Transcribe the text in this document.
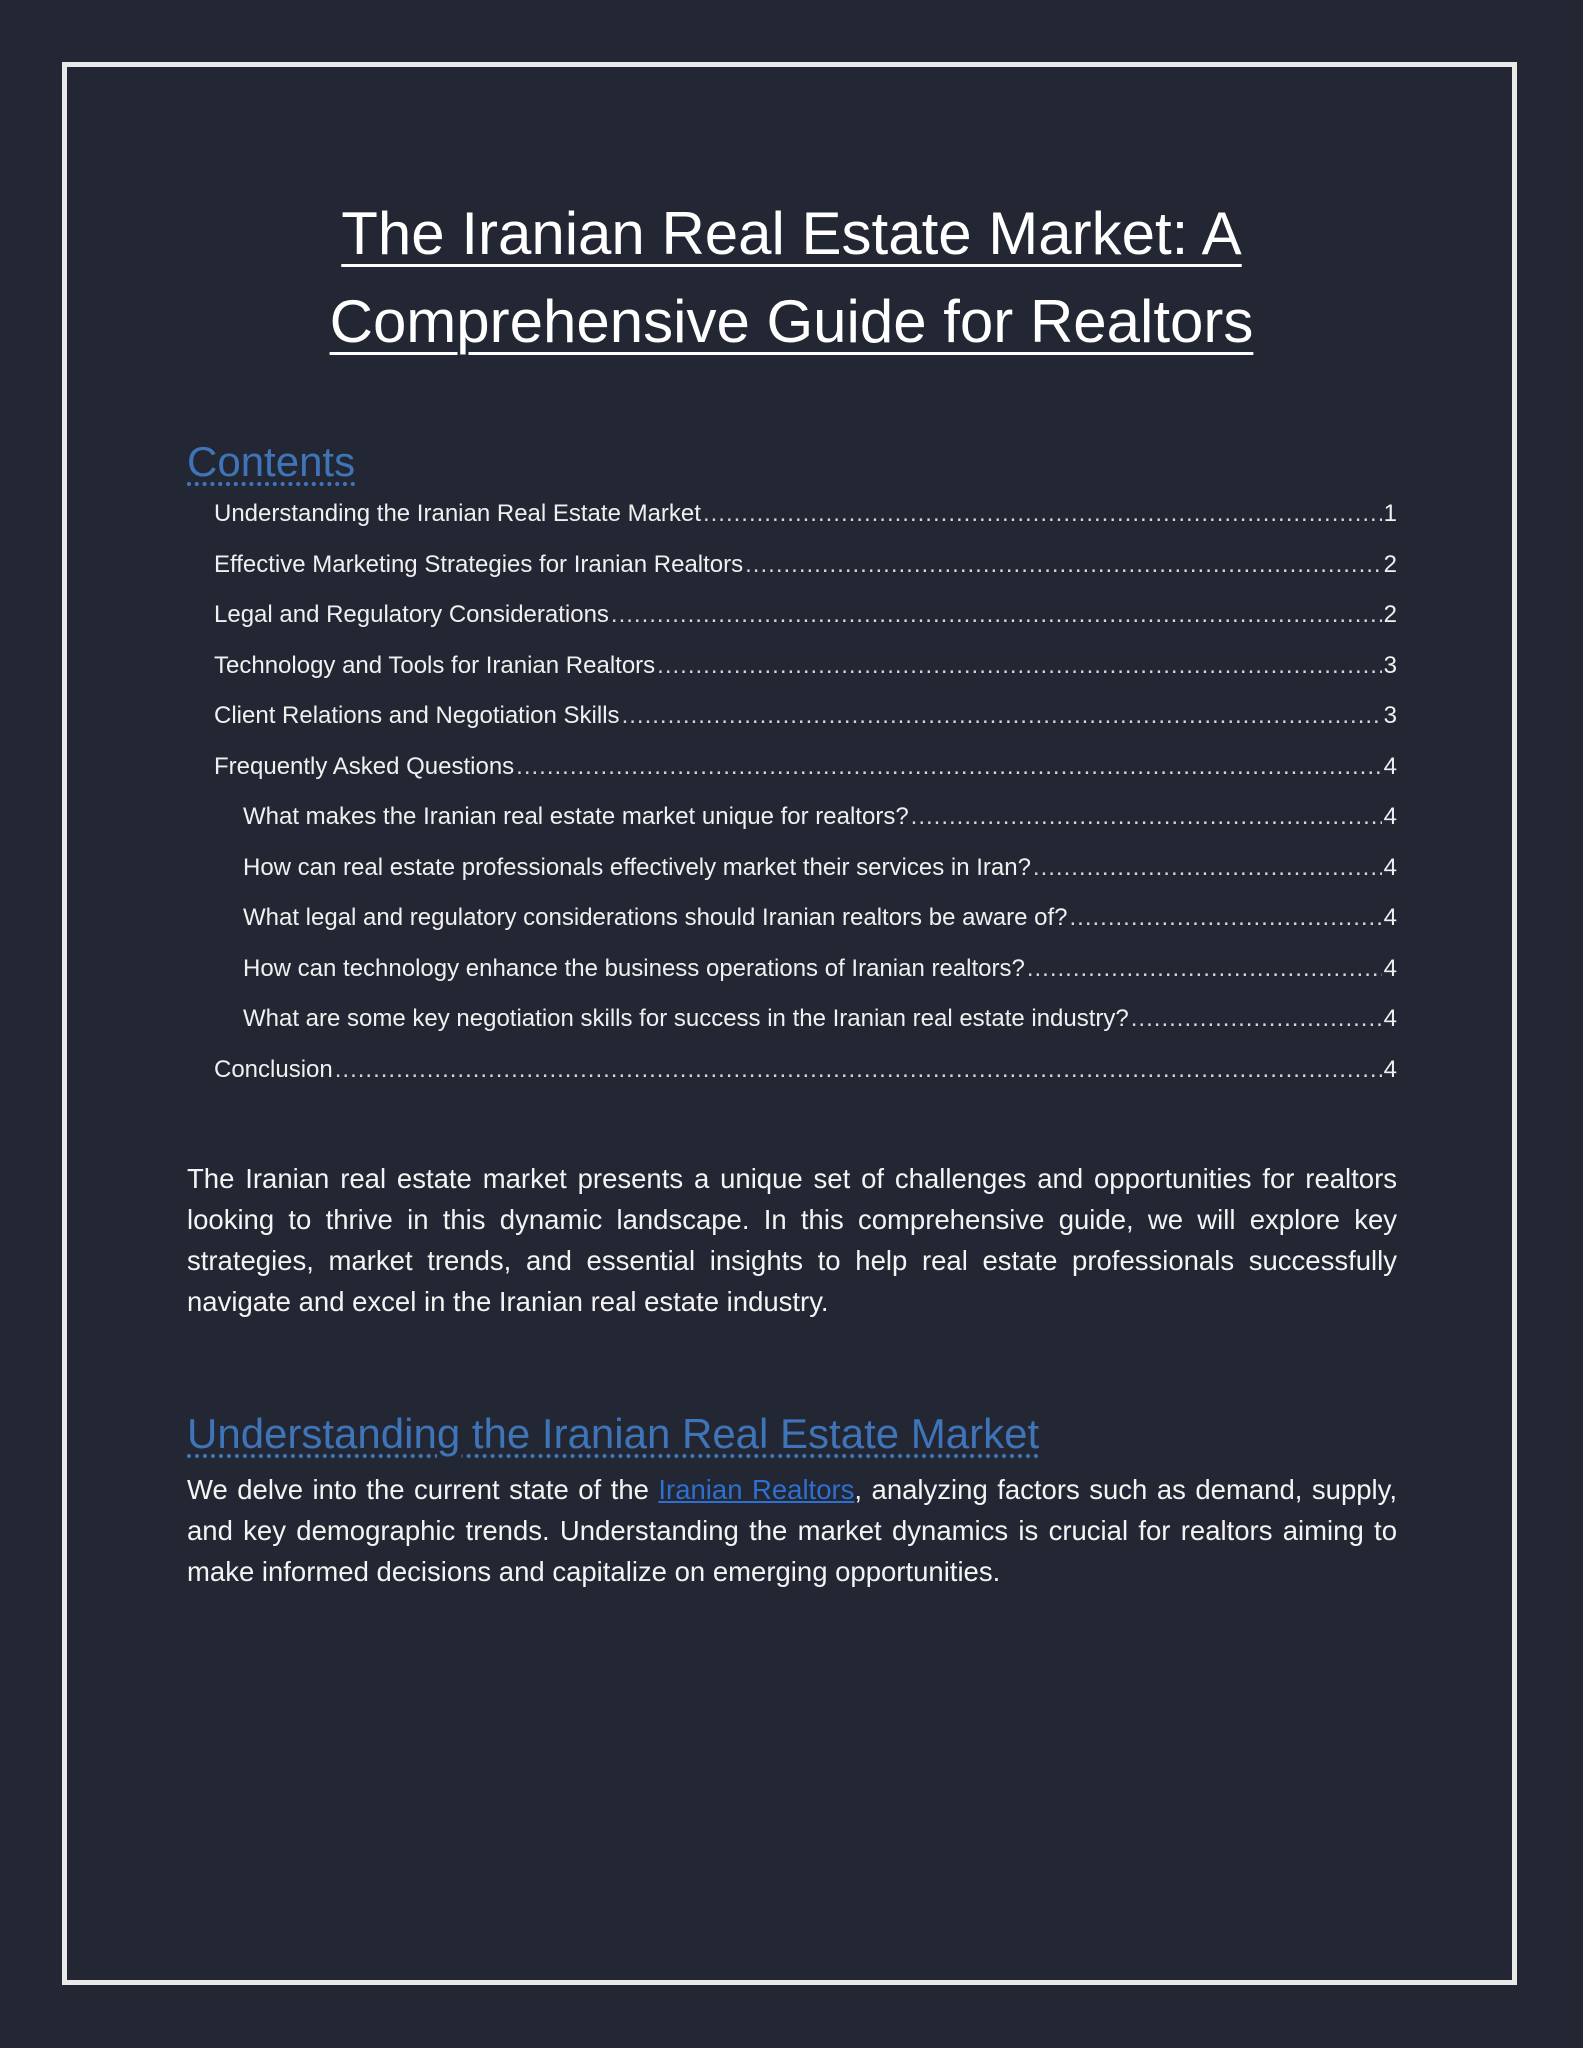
The Iranian Real Estate Market: A
Comprehensive Guide for Realtors
Contents
Understanding the Iranian Real Estate Market .....	1
Effective Marketing Strategies for Iranian Realtors .....	2
Legal and Regulatory Considerations .....	2
Technology and Tools for Iranian Realtors .....	3
Client Relations and Negotiation Skills .....	3
Frequently Asked Questions .....	4
What makes the Iranian real estate market unique for realtors? .....	4
How can real estate professionals effectively market their services in Iran? .....	4
What legal and regulatory considerations should Iranian realtors be aware of? .....	4
How can technology enhance the business operations of Iranian realtors? .....	4
What are some key negotiation skills for success in the Iranian real estate industry? .....	4
Conclusion .....	4

The Iranian real estate market presents a unique set of challenges and opportunities for realtors looking to thrive in this dynamic landscape. In this comprehensive guide, we will explore key strategies, market trends, and essential insights to help real estate professionals successfully navigate and excel in the Iranian real estate industry.

Understanding the Iranian Real Estate Market

We delve into the current state of the Iranian Realtors, analyzing factors such as demand, supply, and key demographic trends. Understanding the market dynamics is crucial for realtors aiming to make informed decisions and capitalize on emerging opportunities.
